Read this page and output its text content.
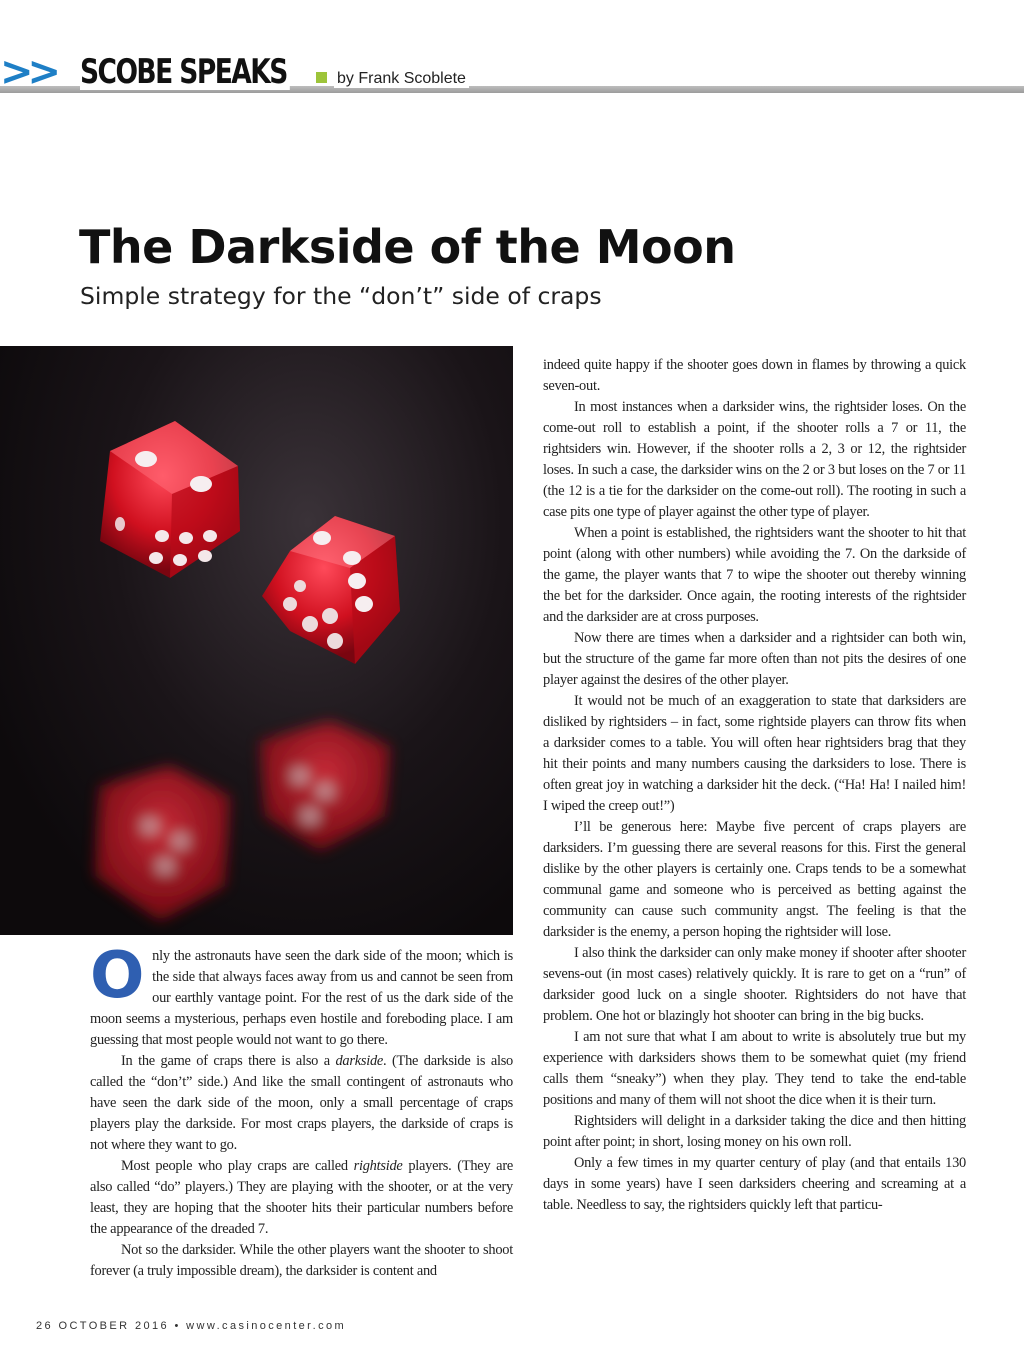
>> SCOBE SPEAKS	by Frank Scoblete
The Darkside of the Moon
Simple strategy for the “don’t” side of craps

Only the astronauts have seen the dark side of the moon; which is the side that always faces away from us and cannot be seen from our earthly vantage point. For the rest of us the dark side of the moon seems a mysterious, perhaps even hostile and foreboding place. I am guessing that most people would not want to go there.

In the game of craps there is also a darkside. (The darkside is also called the “don’t” side.) And like the small contingent of astronauts who have seen the dark side of the moon, only a small percentage of craps players play the darkside. For most craps players, the darkside of craps is not where they want to go.

Most people who play craps are called rightside players. (They are also called “do” players.) They are playing with the shooter, or at the very least, they are hoping that the shooter hits their particular numbers before the appearance of the dreaded 7.

Not so the darksider. While the other players want the shooter to shoot forever (a truly impossible dream), the darksider is content and

indeed quite happy if the shooter goes down in flames by throwing a quick seven-out.

In most instances when a darksider wins, the rightsider loses. On the come-out roll to establish a point, if the shooter rolls a 7 or 11, the rightsiders win. However, if the shooter rolls a 2, 3 or 12, the rightsider loses. In such a case, the darksider wins on the 2 or 3 but loses on the 7 or 11 (the 12 is a tie for the darksider on the come-out roll). The rooting in such a case pits one type of player against the other type of player.

When a point is established, the rightsiders want the shooter to hit that point (along with other numbers) while avoiding the 7. On the darkside of the game, the player wants that 7 to wipe the shooter out thereby winning the bet for the darksider. Once again, the rooting interests of the rightsider and the darksider are at cross purposes.

Now there are times when a darksider and a rightsider can both win, but the structure of the game far more often than not pits the desires of one player against the desires of the other player.

It would not be much of an exaggeration to state that darksiders are disliked by rightsiders – in fact, some rightside players can throw fits when a darksider comes to a table. You will often hear rightsiders brag that they hit their points and many numbers causing the darksiders to lose. There is often great joy in watching a darksider hit the deck. (“Ha! Ha! I nailed him! I wiped the creep out!”)

I’ll be generous here: Maybe five percent of craps players are darksiders. I’m guessing there are several reasons for this. First the general dislike by the other players is certainly one. Craps tends to be a somewhat communal game and someone who is perceived as betting against the community can cause such community angst. The feeling is that the darksider is the enemy, a person hoping the rightsider will lose.

I also think the darksider can only make money if shooter after shooter sevens-out (in most cases) relatively quickly. It is rare to get on a “run” of darksider good luck on a single shooter. Rightsiders do not have that problem. One hot or blazingly hot shooter can bring in the big bucks.

I am not sure that what I am about to write is absolutely true but my experience with darksiders shows them to be somewhat quiet (my friend calls them “sneaky”) when they play. They tend to take the end-table positions and many of them will not shoot the dice when it is their turn.

Rightsiders will delight in a darksider taking the dice and then hitting point after point; in short, losing money on his own roll.

Only a few times in my quarter century of play (and that entails 130 days in some years) have I seen darksiders cheering and screaming at a table. Needless to say, the rightsiders quickly left that particu-

26 OCTOBER 2016 • www.casinocenter.com
